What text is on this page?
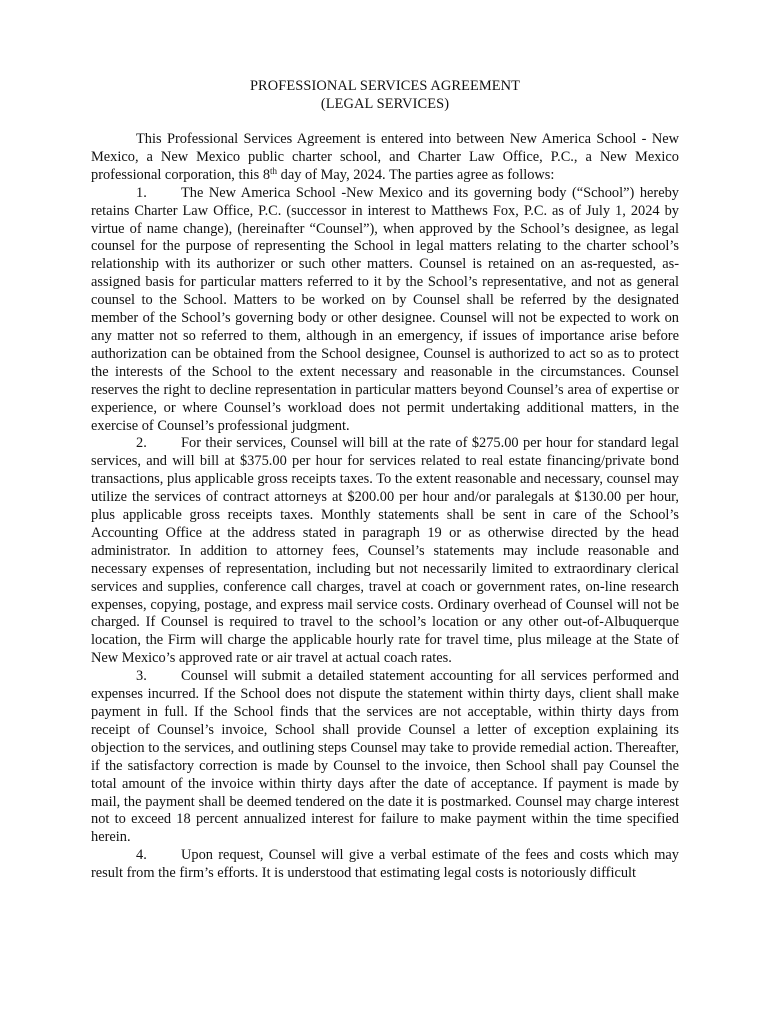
PROFESSIONAL SERVICES AGREEMENT
(LEGAL SERVICES)

This Professional Services Agreement is entered into between New America School - New Mexico, a New Mexico public charter school, and Charter Law Office, P.C., a New Mexico professional corporation, this 8th day of May, 2024. The parties agree as follows:

1. The New America School -New Mexico and its governing body (“School”) hereby retains Charter Law Office, P.C. (successor in interest to Matthews Fox, P.C. as of July 1, 2024 by virtue of name change), (hereinafter “Counsel”), when approved by the School’s designee, as legal counsel for the purpose of representing the School in legal matters relating to the charter school’s relationship with its authorizer or such other matters. Counsel is retained on an as-requested, as-assigned basis for particular matters referred to it by the School’s representative, and not as general counsel to the School. Matters to be worked on by Counsel shall be referred by the designated member of the School’s governing body or other designee. Counsel will not be expected to work on any matter not so referred to them, although in an emergency, if issues of importance arise before authorization can be obtained from the School designee, Counsel is authorized to act so as to protect the interests of the School to the extent necessary and reasonable in the circumstances. Counsel reserves the right to decline representation in particular matters beyond Counsel’s area of expertise or experience, or where Counsel’s workload does not permit undertaking additional matters, in the exercise of Counsel’s professional judgment.

2. For their services, Counsel will bill at the rate of $275.00 per hour for standard legal services, and will bill at $375.00 per hour for services related to real estate financing/private bond transactions, plus applicable gross receipts taxes. To the extent reasonable and necessary, counsel may utilize the services of contract attorneys at $200.00 per hour and/or paralegals at $130.00 per hour, plus applicable gross receipts taxes. Monthly statements shall be sent in care of the School’s Accounting Office at the address stated in paragraph 19 or as otherwise directed by the head administrator. In addition to attorney fees, Counsel’s statements may include reasonable and necessary expenses of representation, including but not necessarily limited to extraordinary clerical services and supplies, conference call charges, travel at coach or government rates, on-line research expenses, copying, postage, and express mail service costs. Ordinary overhead of Counsel will not be charged. If Counsel is required to travel to the school’s location or any other out-of-Albuquerque location, the Firm will charge the applicable hourly rate for travel time, plus mileage at the State of New Mexico’s approved rate or air travel at actual coach rates.

3. Counsel will submit a detailed statement accounting for all services performed and expenses incurred. If the School does not dispute the statement within thirty days, client shall make payment in full. If the School finds that the services are not acceptable, within thirty days from receipt of Counsel’s invoice, School shall provide Counsel a letter of exception explaining its objection to the services, and outlining steps Counsel may take to provide remedial action. Thereafter, if the satisfactory correction is made by Counsel to the invoice, then School shall pay Counsel the total amount of the invoice within thirty days after the date of acceptance. If payment is made by mail, the payment shall be deemed tendered on the date it is postmarked. Counsel may charge interest not to exceed 18 percent annualized interest for failure to make payment within the time specified herein.

4. Upon request, Counsel will give a verbal estimate of the fees and costs which may result from the firm’s efforts. It is understood that estimating legal costs is notoriously difficult
